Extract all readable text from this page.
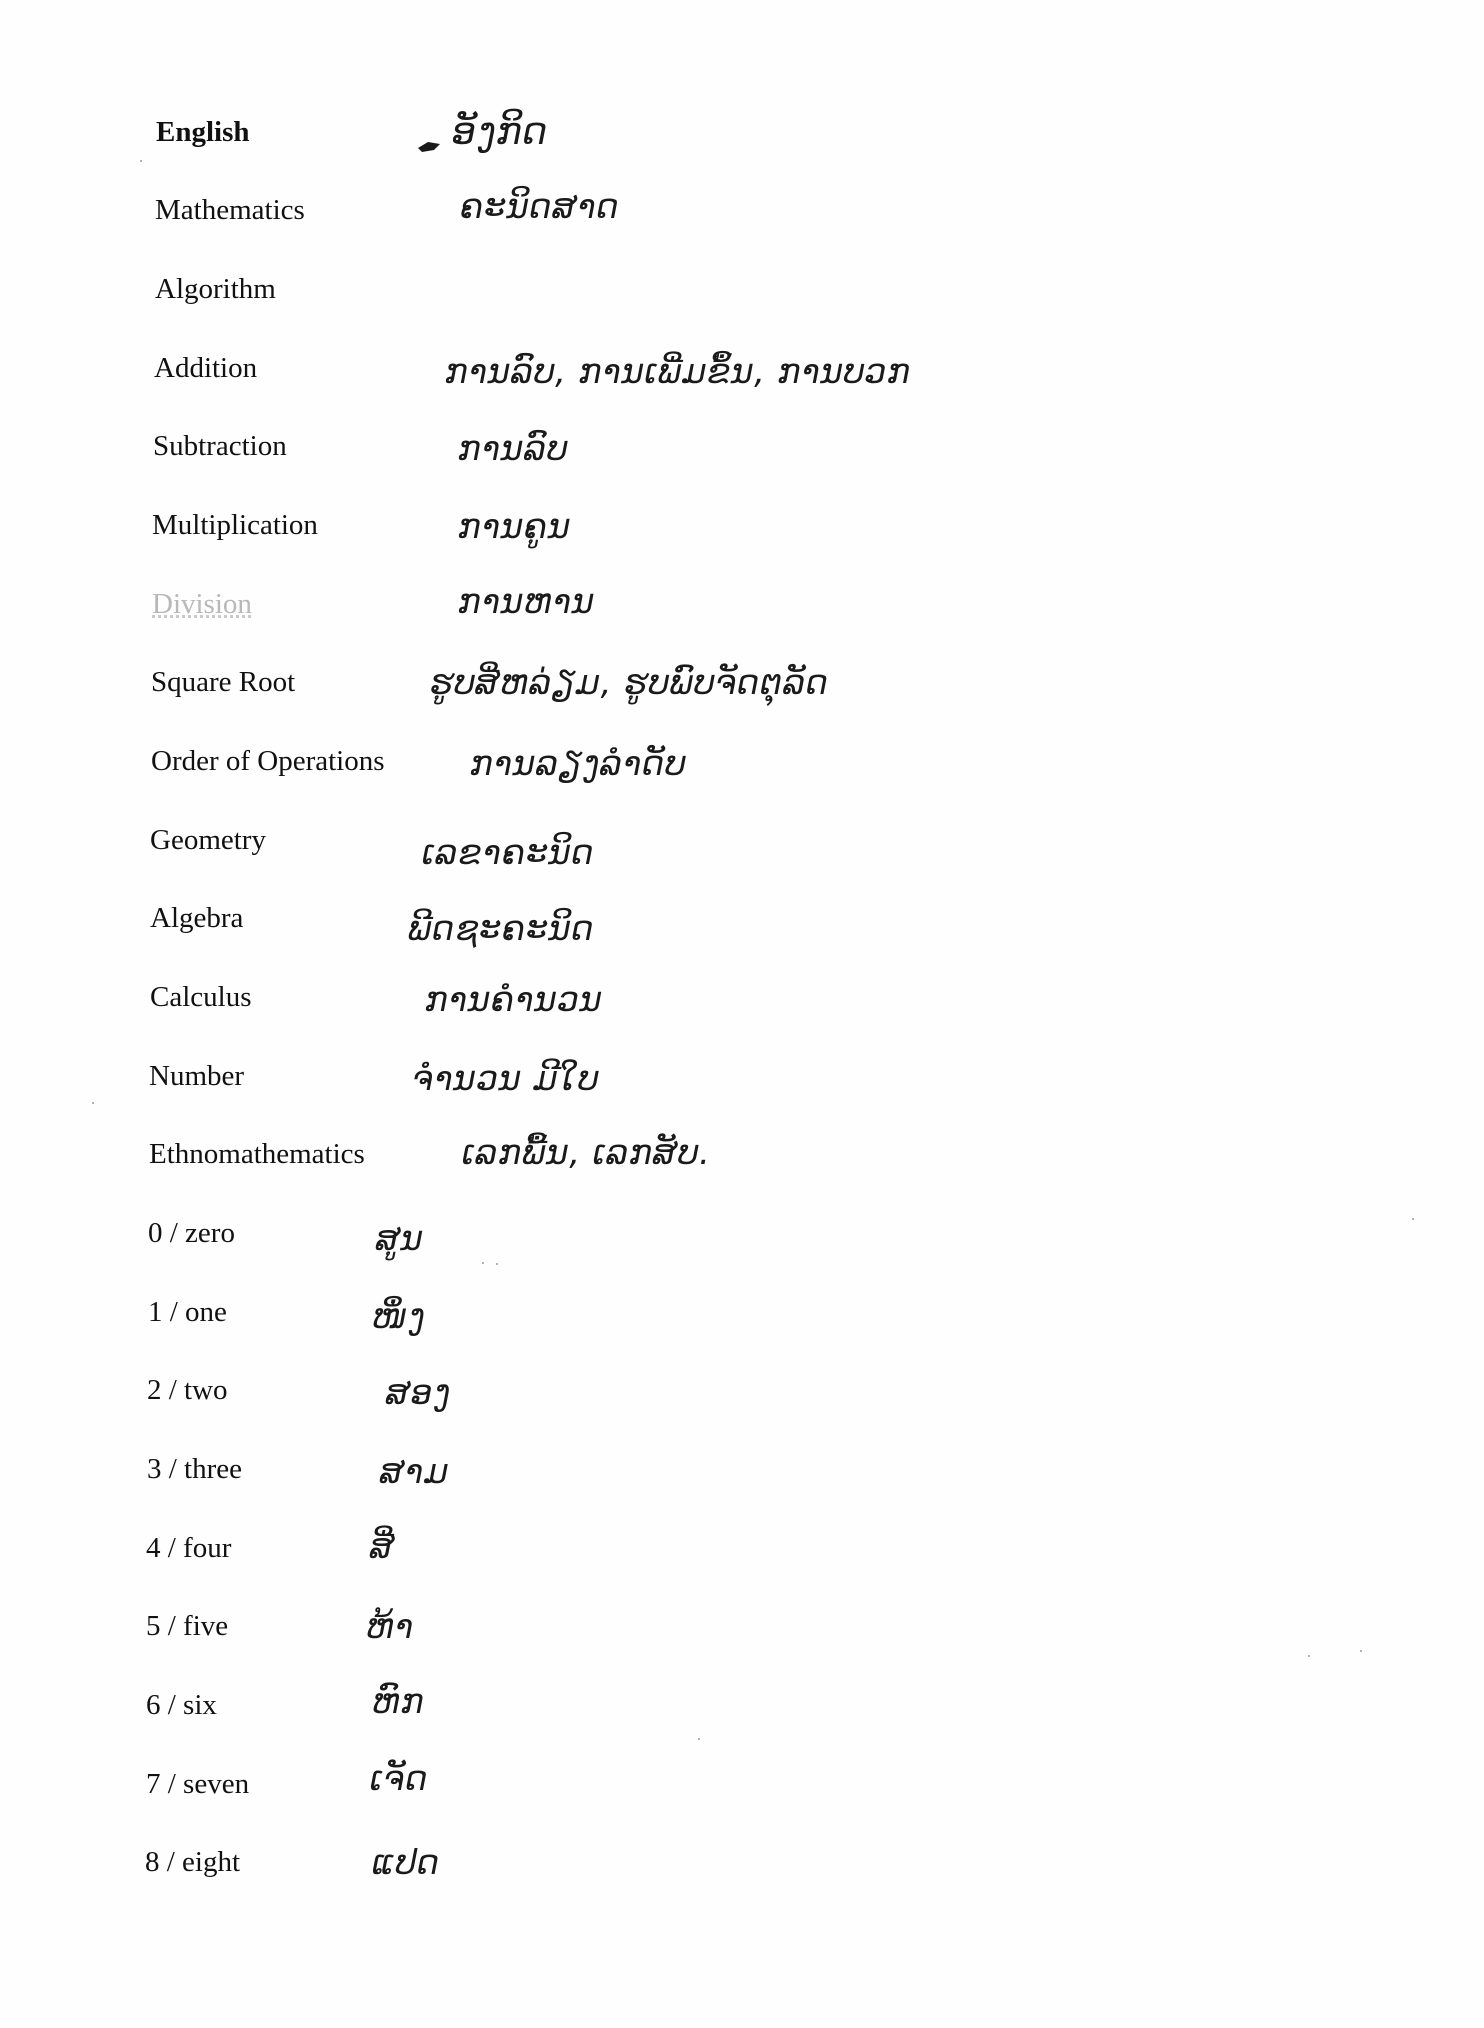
English
Mathematics
Algorithm
Addition
Subtraction
Multiplication
Division
Square Root
Order of Operations
Geometry
Algebra
Calculus
Number
Ethnomathematics
0 / zero
1 / one
2 / two
3 / three
4 / four
5 / five
6 / six
7 / seven
8 / eight
ອັງກິດ
ຄະນິດສາດ
ການລົບ, ການເພີ່ມຂຶ້ນ, ການບວກ
ການລົບ
ການຄູນ
ການຫານ
ຮູບສີ່ຫລ່ຽມ, ຮູບພົບຈັດຕຸລັດ
ການລຽງລໍາດັບ
ເລຂາຄະນິດ
ພີດຊະຄະນິດ
ການຄໍານວນ
ຈໍານວນ ມີໃບ
ເລກພື້ນ, ເລກສັບ.
ສູນ
ໜຶ່ງ
ສອງ
ສາມ
ສີ່
ຫ້າ
ຫົກ
ເຈັດ
ແປດ
